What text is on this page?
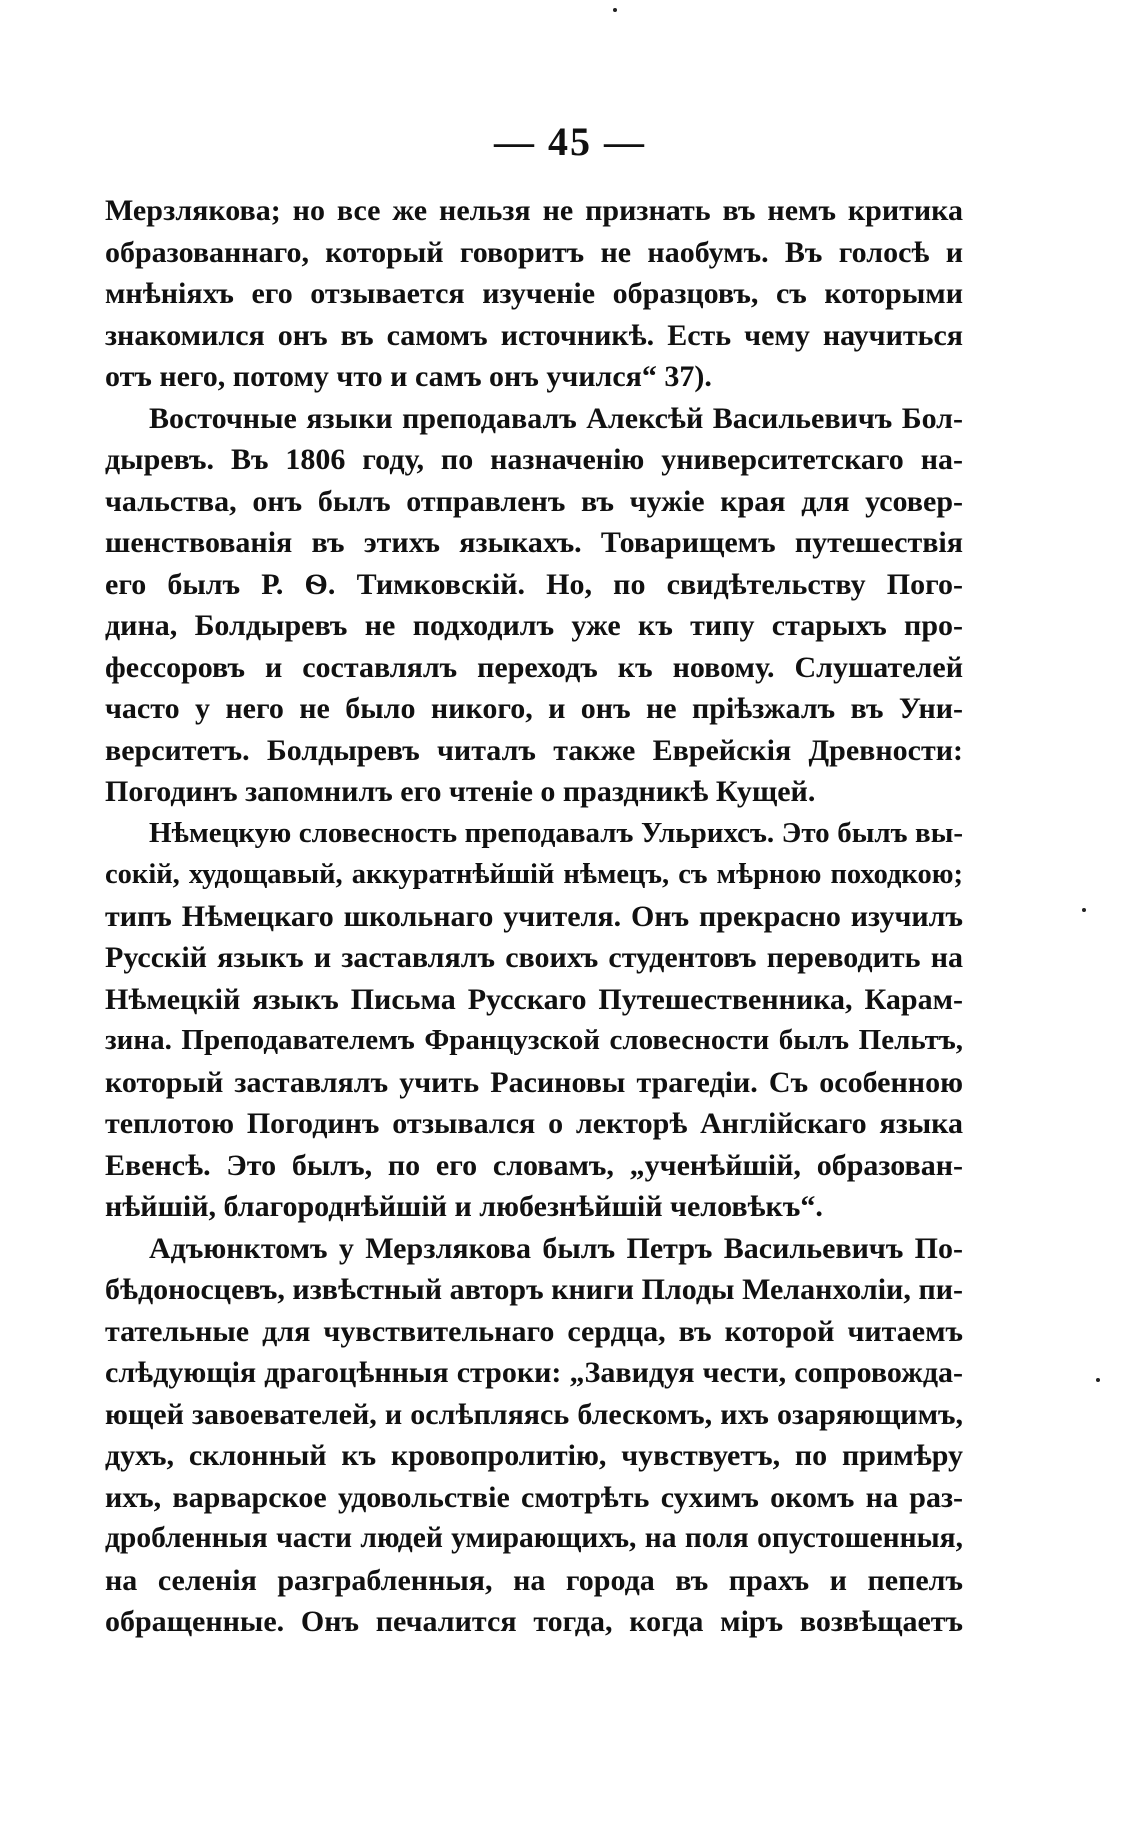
— 45 —

Мерзлякова; но все же нельзя не признать въ немъ критика
образованнаго, который говоритъ не наобумъ. Въ голосѣ и
мнѣніяхъ его отзывается изученіе образцовъ, съ которыми
знакомился онъ въ самомъ источникѣ. Есть чему научиться
отъ него, потому что и самъ онъ учился“ 37).

Восточные языки преподавалъ Алексѣй Васильевичъ Бол-
дыревъ. Въ 1806 году, по назначенію университетскаго на-
чальства, онъ былъ отправленъ въ чужіе края для усовер-
шенствованія въ этихъ языкахъ. Товарищемъ путешествія
его былъ Р. Ѳ. Тимковскій. Но, по свидѣтельству Пого-
дина, Болдыревъ не подходилъ уже къ типу старыхъ про-
фессоровъ и составлялъ переходъ къ новому. Слушателей
часто у него не было никого, и онъ не пріѣзжалъ въ Уни-
верситетъ. Болдыревъ читалъ также Еврейскія Древности:
Погодинъ запомнилъ его чтеніе о праздникѣ Кущей.

Нѣмецкую словесность преподавалъ Ульрихсъ. Это былъ вы-
сокій, худощавый, аккуратнѣйшій нѣмецъ, съ мѣрною походкою;
типъ Нѣмецкаго школьнаго учителя. Онъ прекрасно изучилъ
Русскій языкъ и заставлялъ своихъ студентовъ переводить на
Нѣмецкій языкъ Письма Русскаго Путешественника, Карам-
зина. Преподавателемъ Французской словесности былъ Пельтъ,
который заставлялъ учить Расиновы трагедіи. Съ особенною
теплотою Погодинъ отзывался о лекторѣ Англійскаго языка
Евенсѣ. Это былъ, по его словамъ, „ученѣйшій, образован-
нѣйшій, благороднѣйшій и любезнѣйшій человѣкъ“.

Адъюнктомъ у Мерзлякова былъ Петръ Васильевичъ По-
бѣдоносцевъ, извѣстный авторъ книги Плоды Меланхоліи, пи-
тательные для чувствительнаго сердца, въ которой читаемъ
слѣдующія драгоцѣнныя строки: „Завидуя чести, сопровожда-
ющей завоевателей, и ослѣпляясь блескомъ, ихъ озаряющимъ,
духъ, склонный къ кровопролитію, чувствуетъ, по примѣру
ихъ, варварское удовольствіе смотрѣть сухимъ окомъ на раз-
дробленныя части людей умирающихъ, на поля опустошенныя,
на селенія разграбленныя, на города въ прахъ и пепелъ
обращенные. Онъ печалится тогда, когда міръ возвѣщаетъ
